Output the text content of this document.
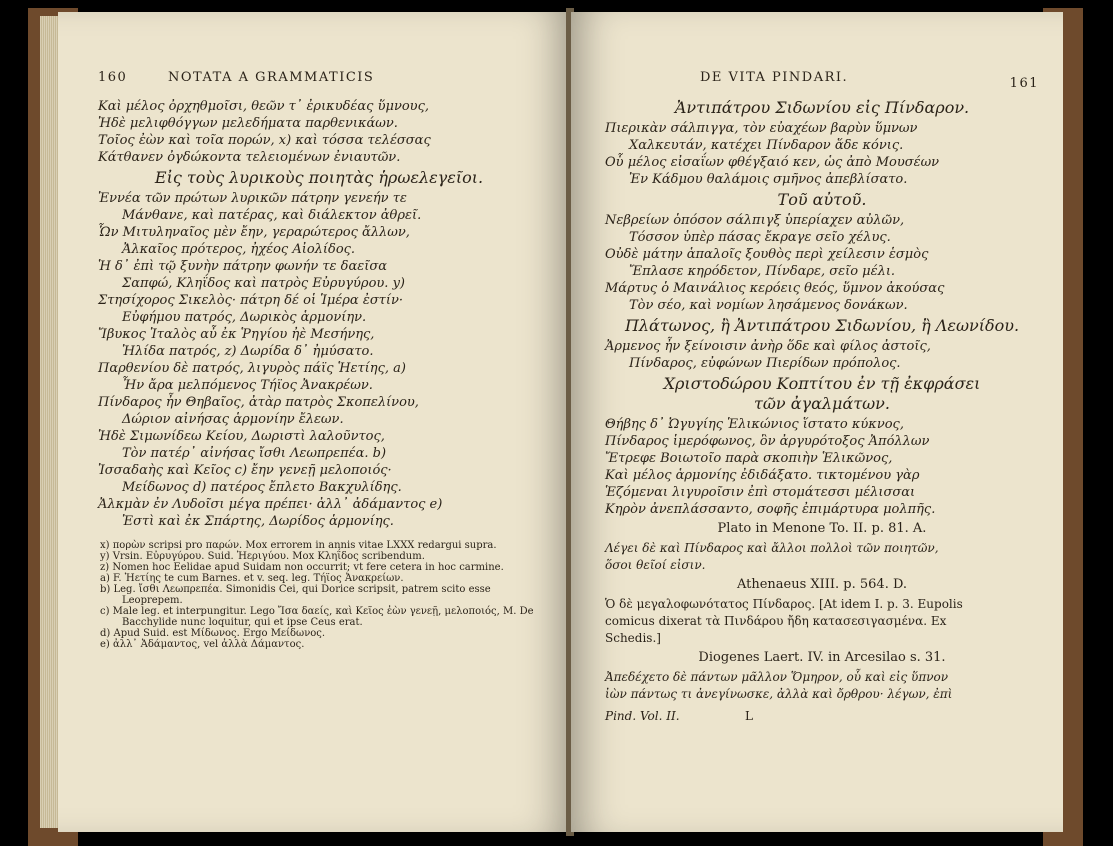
160	NOTATA A GRAMMATICIS
Καὶ μέλος ὀρχηθμοῖσι, θεῶν τ᾽ ἐρικυδέας ὕμνους,
Ἠδὲ μελιφθόγγων μελεδήματα παρθενικάων.
Τοῖος ἐὼν καὶ τοῖα πορών, x) καὶ τόσσα τελέσσας
Κάτθανεν ὀγδώκοντα τελειομένων ἐνιαυτῶν.
Εἰς τοὺς λυρικοὺς ποιητὰς ἡρωελεγεῖοι.
Ἐννέα τῶν πρώτων λυρικῶν πάτρην γενεήν τε
Μάνθανε, καὶ πατέρας, καὶ διάλεκτον ἀθρεῖ.
Ὧν Μιτυληναῖος μὲν ἔην, γεραρώτερος ἄλλων,
Ἀλκαῖος πρότερος, ἠχέος Αἰολίδος.
Ἡ δ᾽ ἐπὶ τῷ ξυνὴν πάτρην φωνήν τε δαεῖσα
Σαπφώ, Κληΐδος καὶ πατρὸς Εὐρυγύρου. y)
Στησίχορος Σικελὸς· πάτρη δέ οἱ Ἱμέρα ἐστίν·
Εὐφήμου πατρός, Δωρικὸς ἁρμονίην.
Ἴβυκος Ἰταλὸς αὖ ἐκ Ῥηγίου ἠὲ Μεσήνης,
Ἠλίδα πατρός, z) Δωρίδα δ᾽ ἠμύσατο.
Παρθενίου δὲ πατρός, λιγυρὸς πάϊς Ἡετίης, a)
Ἦν ἄρα μελπόμενος Τήϊος Ἀνακρέων.
Πίνδαρος ἦν Θηβαῖος, ἀτὰρ πατρὸς Σκοπελίνου,
Δώριον αἰνήσας ἁρμονίην ἔλεων.
Ἠδὲ Σιμωνίδεω Κείου, Δωριστὶ λαλοῦντος,
Τὸν πατέρ᾽ αἰνήσας ἴσθι Λεωπρεπέα. b)
Ἰσσαδαὴς καὶ Κεῖος c) ἔην γενεῇ μελοποιός·
Μείδωνος d) πατέρος ἔπλετο Βακχυλίδης.
Ἀλκμὰν ἐν Λυδοῖσι μέγα πρέπει· ἀλλ᾽ ἀδάμαντος e)
Ἐστὶ καὶ ἐκ Σπάρτης, Δωρίδος ἁρμονίης.

x) πορὼν scripsi pro παρών. Mox errorem in annis vitae LXXX redargui supra.

y) Vrsin. Εὐρυγύρου. Suid. Ἠεριγύου. Mox Κληΐδος scribendum.

z) Nomen hoc Eelidae apud Suidam non occurrit; vt fere cetera in hoc carmine.

a) F. Ἡετίης te cum Barnes. et v. seq. leg. Τήϊος Ἀνακρείων.

b) Leg. ἴσθι Λεωπρεπέα. Simonidis Cei, qui Dorice scripsit, patrem scito esse Leoprepem.

c) Male leg. et interpungitur. Lego Ἴσα δαείς, καὶ Κεῖος ἐὼν γενεῇ, μελοποιός, M. De Bacchylide nunc loquitur, qui et ipse Ceus erat.

d) Apud Suid. est Μίδωνος. Ergo Μείδωνος.

e) ἀλλ᾽ Ἀδάμαντος, vel ἀλλὰ Δάμαντος.

DE VITA PINDARI.	161
Ἀντιπάτρου Σιδωνίου εἰς Πίνδαρον.
Πιερικὰν σάλπιγγα, τὸν εὐαχέων βαρὺν ὕμνων
Χαλκευτάν, κατέχει Πίνδαρον ἅδε κόνις.
Οὗ μέλος εἰσαΐων φθέγξαιό κεν, ὡς ἀπὸ Μουσέων
Ἐν Κάδμου θαλάμοις σμῆνος ἀπεβλίσατο.
Τοῦ αὐτοῦ.
Νεβρείων ὁπόσον σάλπιγξ ὑπερίαχεν αὐλῶν,
Τόσσον ὑπὲρ πάσας ἔκραγε σεῖο χέλυς.
Οὐδὲ μάτην ἁπαλοῖς ξουθὸς περὶ χείλεσιν ἑσμὸς
Ἔπλασε κηρόδετον, Πίνδαρε, σεῖο μέλι.
Μάρτυς ὁ Μαινάλιος κερόεις θεός, ὕμνον ἀκούσας
Τὸν σέο, καὶ νομίων λησάμενος δονάκων.
Πλάτωνος, ἢ Ἀντιπάτρου Σιδωνίου, ἢ Λεωνίδου.
Ἀρμενος ἦν ξείνοισιν ἀνὴρ ὅδε καὶ φίλος ἀστοῖς,
Πίνδαρος, εὐφώνων Πιερίδων πρόπολος.
Χριστοδώρου Κοπτίτου ἐν τῇ ἐκφράσει
τῶν ἀγαλμάτων.
Θήβης δ᾽ Ὠγυγίης Ἑλικώνιος ἵστατο κύκνος,
Πίνδαρος ἱμερόφωνος, ὃν ἀργυρότοξος Ἀπόλλων
Ἔτρεφε Βοιωτοῖο παρὰ σκοπιὴν Ἑλικῶνος,
Καὶ μέλος ἁρμονίης ἐδιδάξατο. τικτομένου γὰρ
Ἑζόμεναι λιγυροῖσιν ἐπὶ στομάτεσσι μέλισσαι
Κηρὸν ἀνεπλάσσαντο, σοφῆς ἐπιμάρτυρα μολπῆς.
Plato in Menone To. II. p. 81. A.
Λέγει δὲ καὶ Πίνδαρος καὶ ἄλλοι πολλοὶ τῶν ποιητῶν,
ὅσοι θεῖοί εἰσιν.
Athenaeus XIII. p. 564. D.
Ὁ δὲ μεγαλοφωνότατος Πίνδαρος. [At idem I. p. 3. Eupolis
comicus dixerat τὰ Πινδάρου ἤδη κατασεσιγασμένα. Ex
Schedis.]
Diogenes Laert. IV. in Arcesilao s. 31.
Ἀπεδέχετο δὲ πάντων μᾶλλον Ὅμηρον, οὗ καὶ εἰς ὕπνον
ἰὼν πάντως τι ἀνεγίνωσκε, ἀλλὰ καὶ ὄρθρου· λέγων, ἐπὶ
Pind. Vol. II.	L
